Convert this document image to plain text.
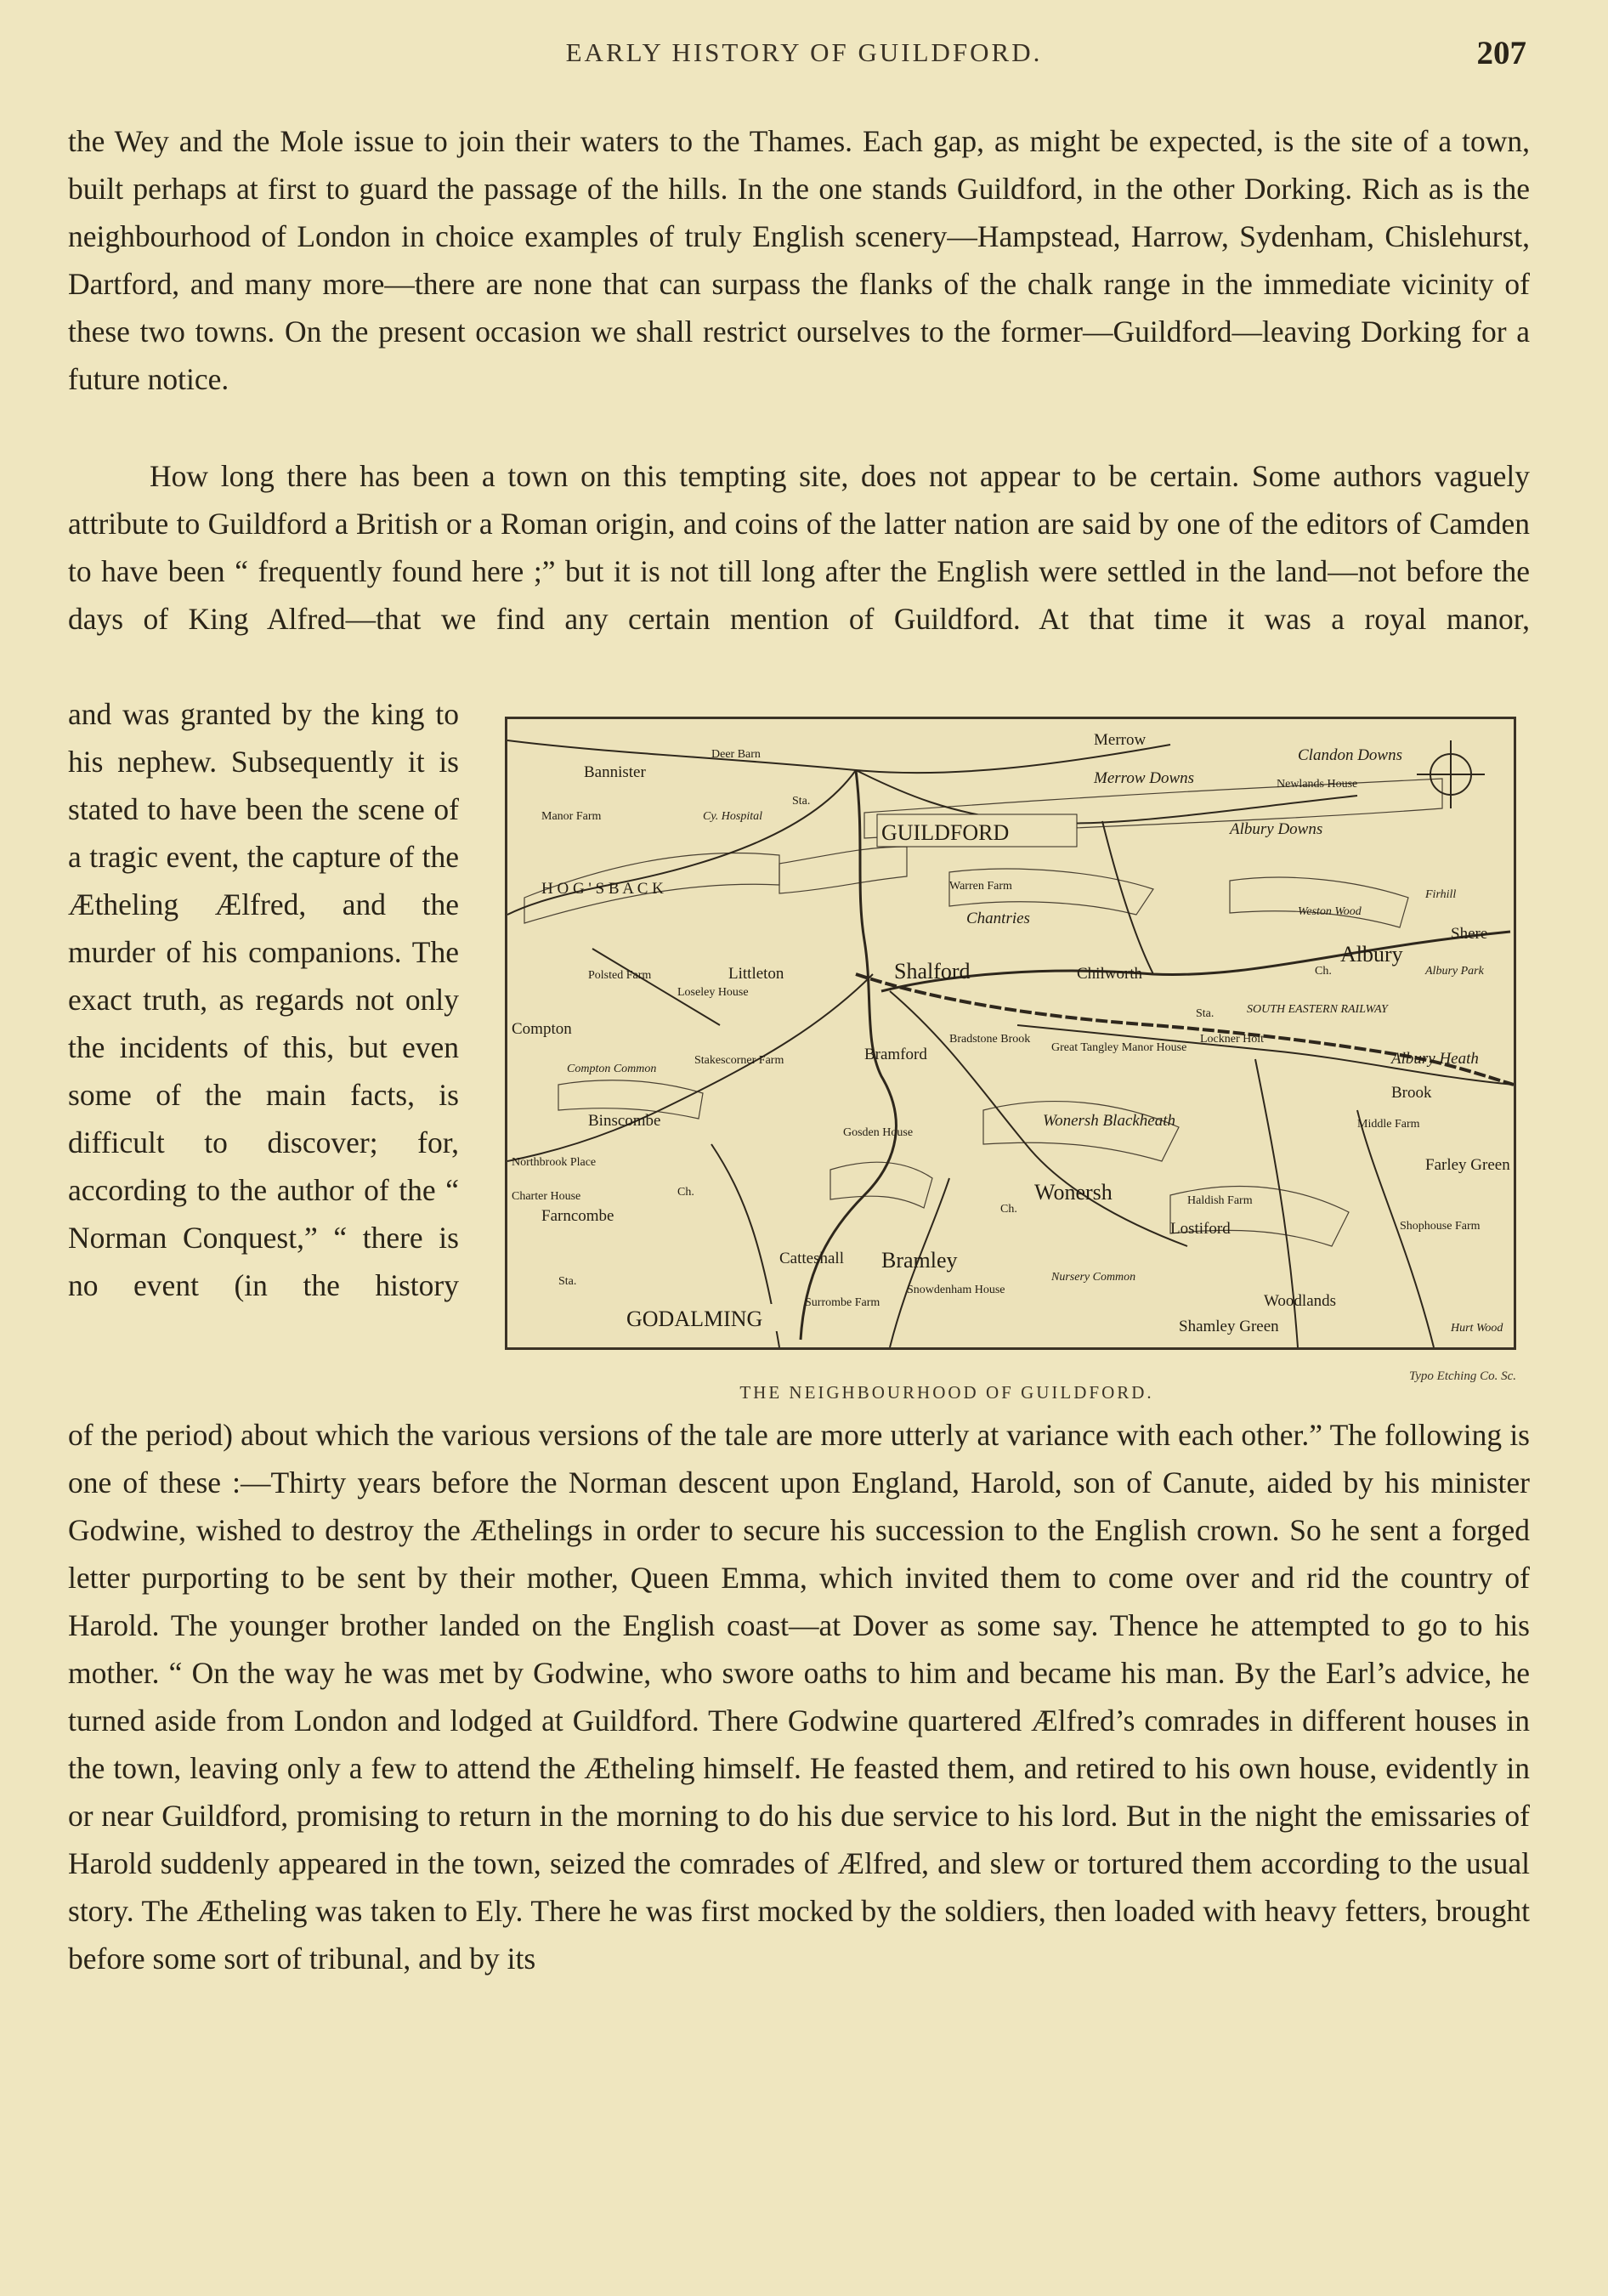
EARLY HISTORY OF GUILDFORD.	207

the Wey and the Mole issue to join their waters to the Thames. Each gap, as might be expected, is the site of a town, built perhaps at first to guard the passage of the hills. In the one stands Guildford, in the other Dorking. Rich as is the neighbourhood of London in choice examples of truly English scenery—Hampstead, Harrow, Sydenham, Chislehurst, Dartford, and many more—there are none that can surpass the flanks of the chalk range in the immediate vicinity of these two towns. On the present occasion we shall restrict ourselves to the former—Guildford—leaving Dorking for a future notice.

How long there has been a town on this tempting site, does not appear to be certain. Some authors vaguely attribute to Guildford a British or a Roman origin, and coins of the latter nation are said by one of the editors of Camden to have been “ frequently found here ;” but it is not till long after the English were settled in the land—not before the days of King Alfred—that we find any certain mention of Guildford. At that time it was a royal manor,

and was granted by the king to his nephew. Subsequently it is stated to have been the scene of a tragic event, the capture of the Ætheling Ælfred, and the murder of his companions. The exact truth, as regards not only the incidents of this, but even some of the main facts, is difficult to discover; for, according to the author of the “ Norman Conquest,” “ there is no event (in the history

of the period) about which the various versions of the tale are more utterly at variance with each other.” The following is one of these :—Thirty years before the Norman descent upon England, Harold, son of Canute, aided by his minister Godwine, wished to destroy the Æthelings in order to secure his succession to the English crown. So he sent a forged letter purporting to be sent by their mother, Queen Emma, which invited them to come over and rid the country of Harold. The younger brother landed on the English coast—at Dover as some say. Thence he attempted to go to his mother. “ On the way he was met by Godwine, who swore oaths to him and became his man. By the Earl’s advice, he turned aside from London and lodged at Guildford. There Godwine quartered Ælfred’s comrades in different houses in the town, leaving only a few to attend the Ætheling himself. He feasted them, and retired to his own house, evidently in or near Guildford, promising to return in the morning to do his due service to his lord. But in the night the emissaries of Harold suddenly appeared in the town, seized the comrades of Ælfred, and slew or tortured them according to the usual story. The Ætheling was taken to Ely. There he was first mocked by the soldiers, then loaded with heavy fetters, brought before some sort of tribunal, and by its

GUILDFORD
GODALMING
Merrow
Merrow Downs
Clandon Downs
Newlands House
Bannister
Deer Barn
Manor Farm	Cy. Hospital
Albury Downs
H O G ' S B A C K	Warren Farm
Chantries
Firhill
Weston Wood
Shere
Albury
Albury Park
Compton
Littleton
Loseley House
Shalford	Chilworth
Polsted Farm
Compton Common
Stakescorner Farm	Bramford
Bradstone Brook
Great Tangley Manor House
Lockner Holt
SOUTH EASTERN RAILWAY
Albury Heath
Brook
Binscombe
Gosden House
Wonersh Blackheath	Middle Farm
Farley Green
Northbrook Place
Charter House
Farncombe
Wonersh	Haldish Farm
Lostiford	Shophouse Farm
Catteshall Bramley
Nursery Common
Snowdenham House
Surrombe Farm	Woodlands
Shamley Green	Hurt Wood
Sta.
Sta.
Sta.
Ch.
Ch.
Ch.
Typo Etching Co. Sc.
THE NEIGHBOURHOOD OF GUILDFORD.
